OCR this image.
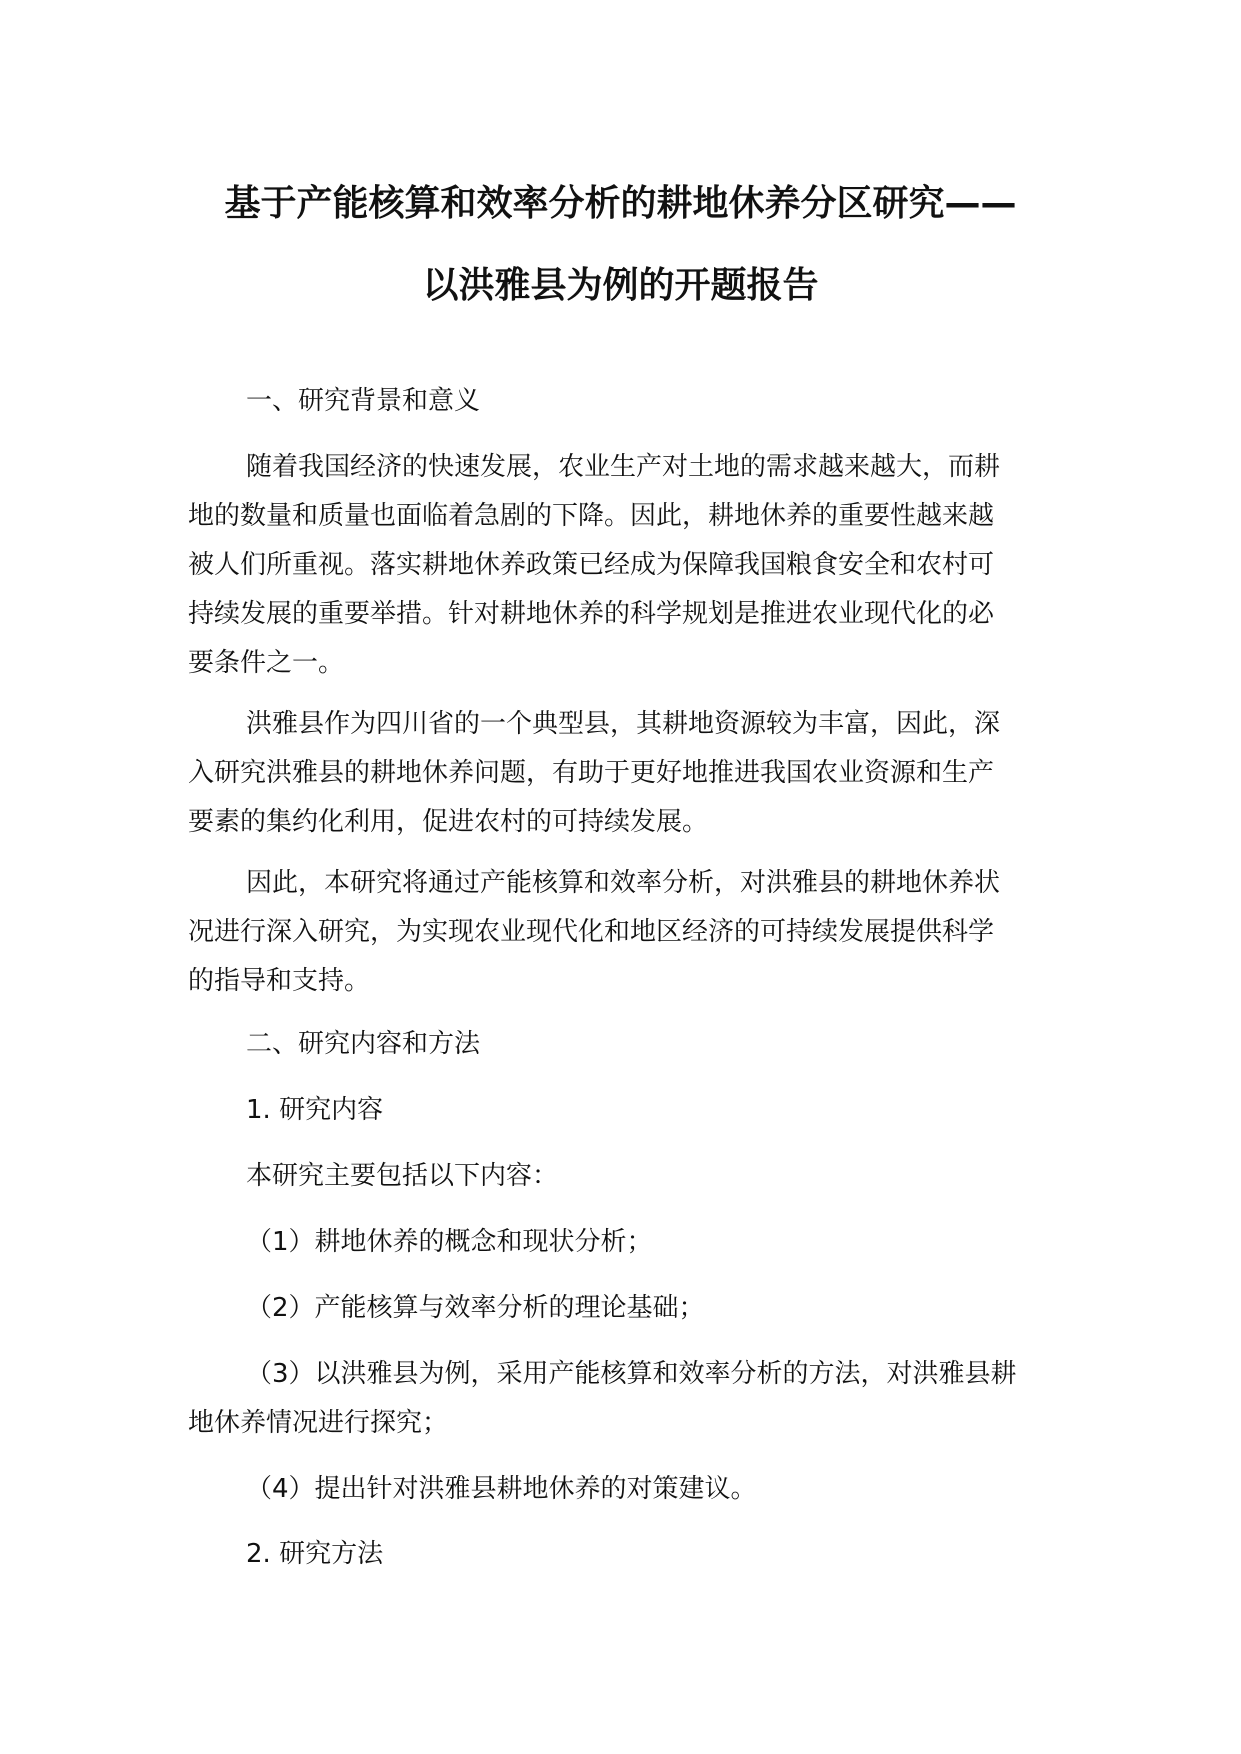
基于产能核算和效率分析的耕地休养分区研究——
以洪雅县为例的开题报告
一、研究背景和意义
随着我国经济的快速发展，农业生产对土地的需求越来越大，而耕
地的数量和质量也面临着急剧的下降。因此，耕地休养的重要性越来越
被人们所重视。落实耕地休养政策已经成为保障我国粮食安全和农村可
持续发展的重要举措。针对耕地休养的科学规划是推进农业现代化的必
要条件之一。
洪雅县作为四川省的一个典型县，其耕地资源较为丰富，因此，深
入研究洪雅县的耕地休养问题，有助于更好地推进我国农业资源和生产
要素的集约化利用，促进农村的可持续发展。
因此，本研究将通过产能核算和效率分析，对洪雅县的耕地休养状
况进行深入研究，为实现农业现代化和地区经济的可持续发展提供科学
的指导和支持。
二、研究内容和方法
1. 研究内容
本研究主要包括以下内容：
（1）耕地休养的概念和现状分析；
（2）产能核算与效率分析的理论基础；
（3）以洪雅县为例，采用产能核算和效率分析的方法，对洪雅县耕
地休养情况进行探究；
（4）提出针对洪雅县耕地休养的对策建议。
2. 研究方法
